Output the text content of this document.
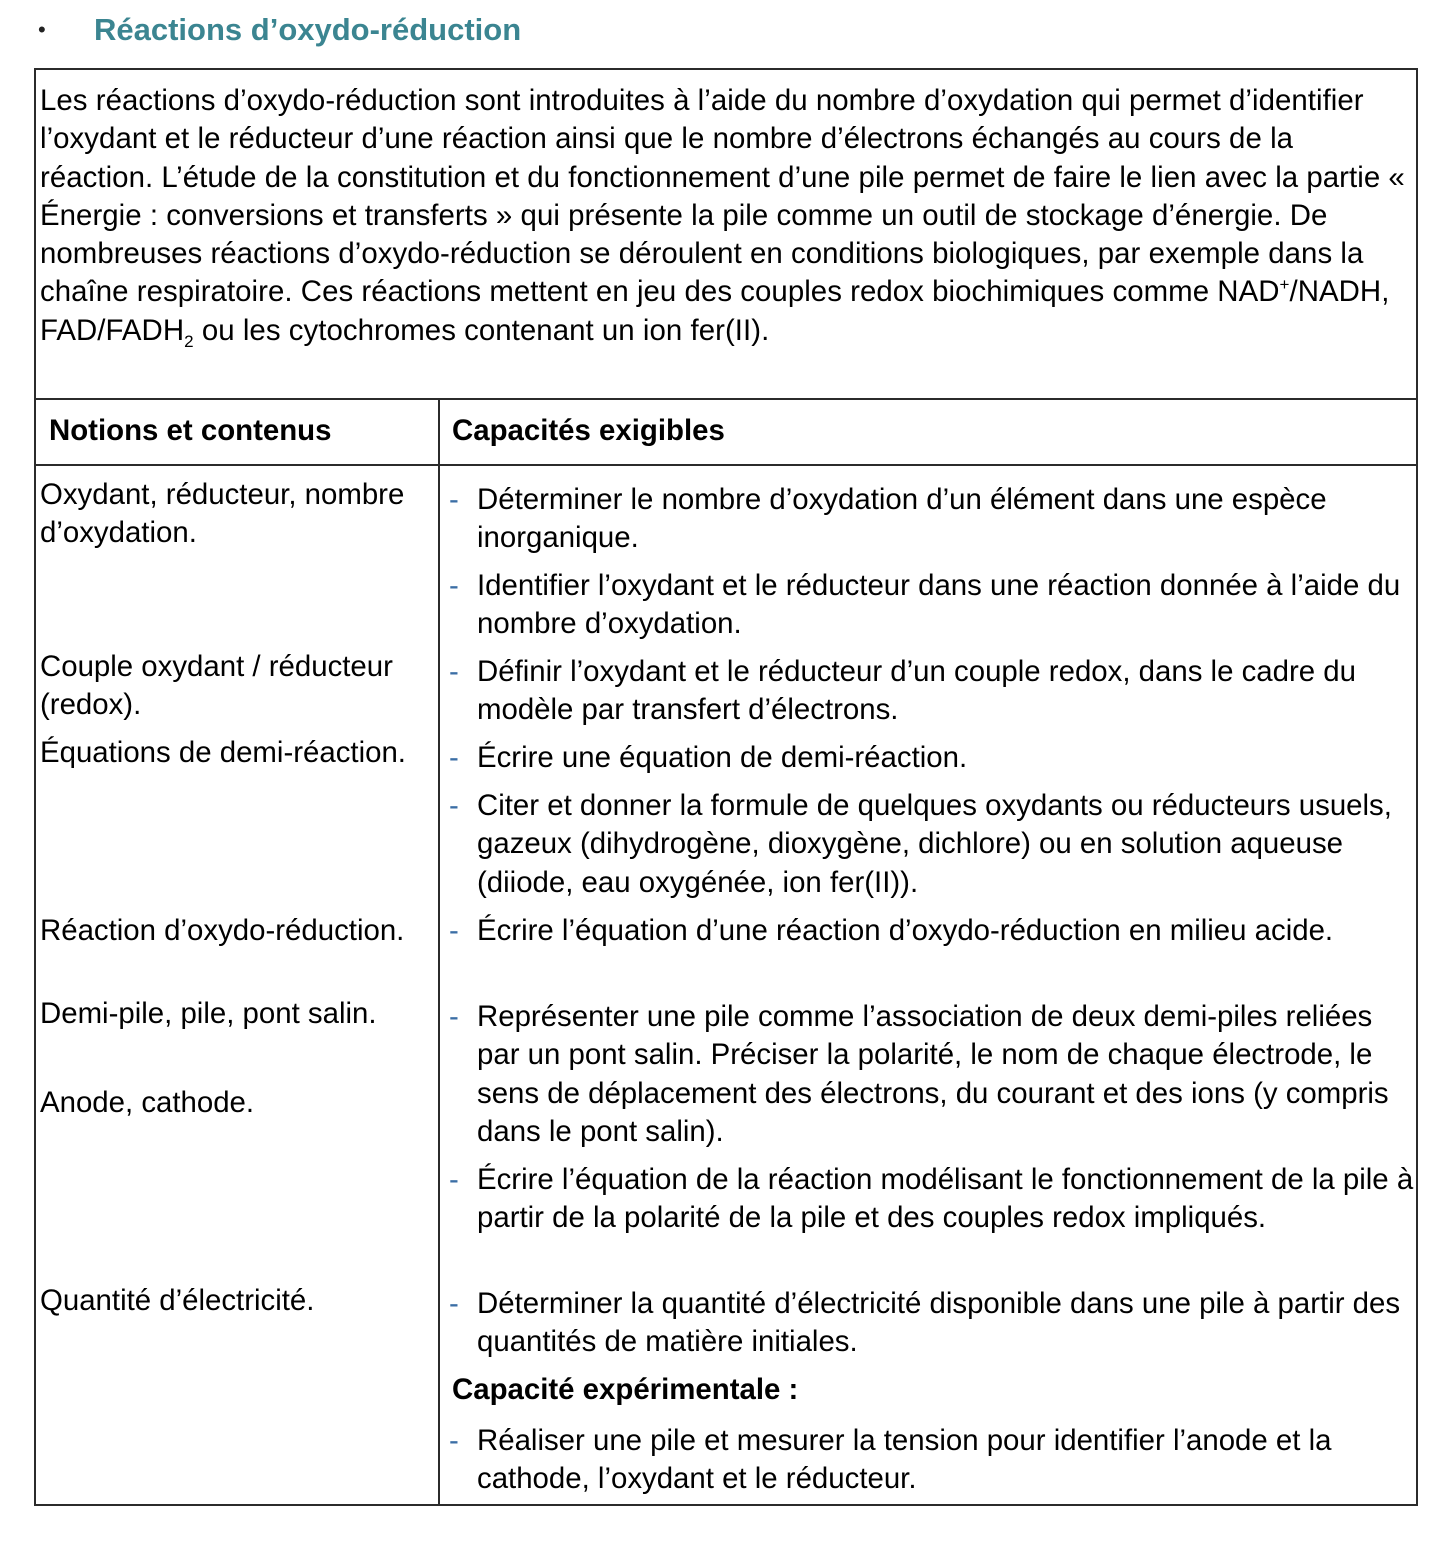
•	Réactions d’oxydo-réduction
Les réactions d’oxydo-réduction sont introduites à l’aide du nombre d’oxydation qui permet d’identifier l’oxydant et le réducteur d’une réaction ainsi que le nombre d’électrons échangés au cours de la réaction. L’étude de la constitution et du fonctionnement d’une pile permet de faire le lien avec la partie « Énergie : conversions et transferts » qui présente la pile comme un outil de stockage d’énergie. De nombreuses réactions d’oxydo-réduction se déroulent en conditions biologiques, par exemple dans la chaîne respiratoire. Ces réactions mettent en jeu des couples redox biochimiques comme NAD+/NADH, FAD/$FADH_2$ ou les cytochromes contenant un ion fer(II).
Notions et contenus	Capacités exigibles
Oxydant, réducteur, nombre d’oxydation.
Couple oxydant / réducteur (redox).
Équations de demi-réaction.
Réaction d’oxydo-réduction.
Demi-pile, pile, pont salin.
Anode, cathode.
Quantité d’électricité.
- Déterminer le nombre d’oxydation d’un élément dans une espèce inorganique.
- Identifier l’oxydant et le réducteur dans une réaction donnée à l’aide du nombre d’oxydation.
- Définir l’oxydant et le réducteur d’un couple redox, dans le cadre du modèle par transfert d’électrons.
- Écrire une équation de demi-réaction.
- Citer et donner la formule de quelques oxydants ou réducteurs usuels, gazeux (dihydrogène, dioxygène, dichlore) ou en solution aqueuse (diiode, eau oxygénée, ion fer(II)).
- Écrire l’équation d’une réaction d’oxydo-réduction en milieu acide.
- Représenter une pile comme l’association de deux demi-piles reliées par un pont salin. Préciser la polarité, le nom de chaque électrode, le sens de déplacement des électrons, du courant et des ions (y compris dans le pont salin).
- Écrire l’équation de la réaction modélisant le fonctionnement de la pile à partir de la polarité de la pile et des couples redox impliqués.
- Déterminer la quantité d’électricité disponible dans une pile à partir des quantités de matière initiales.
Capacité expérimentale :
- Réaliser une pile et mesurer la tension pour identifier l’anode et la cathode, l’oxydant et le réducteur.
